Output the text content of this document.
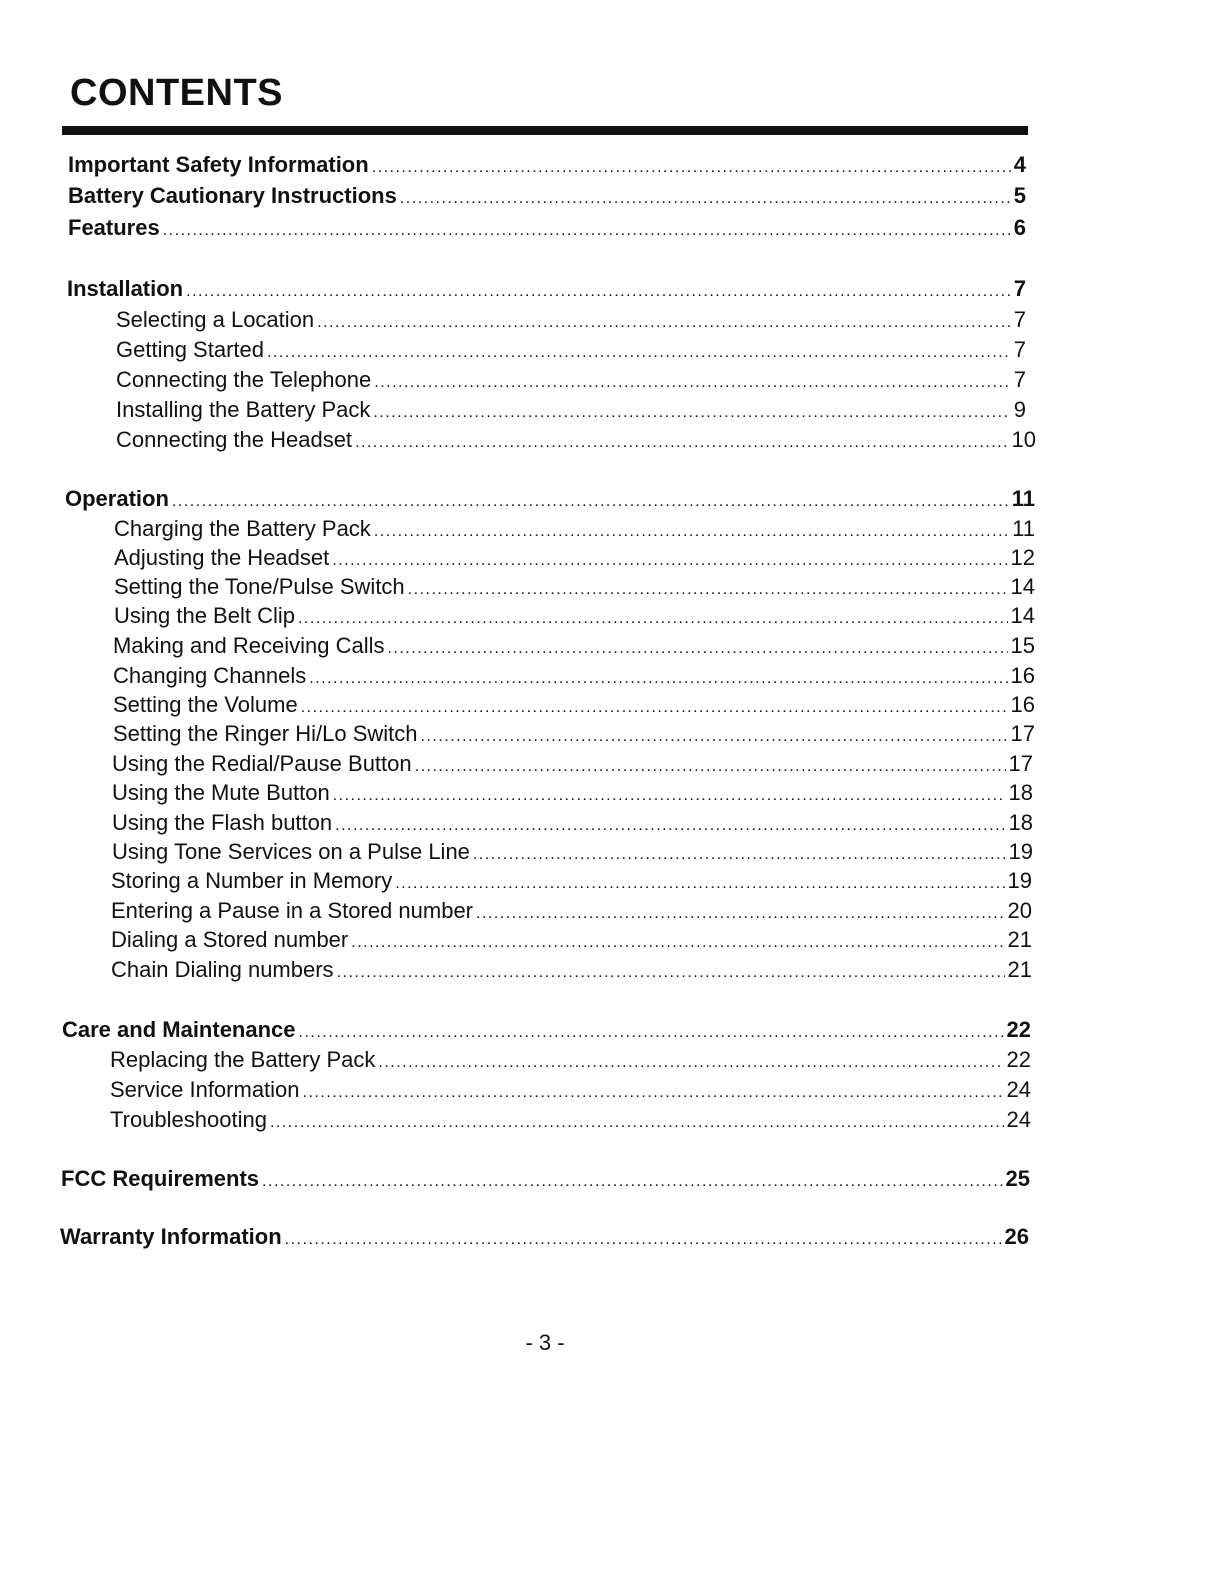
CONTENTS
Important Safety Information .....	4
Battery Cautionary Instructions .....	5
Features .....	6
Installation .....	7
Selecting a Location .....	7
Getting Started .....	7
Connecting the Telephone .....	7
Installing the Battery Pack .....	9
Connecting the Headset .....	10
Operation .....	11
Charging the Battery Pack .....	11
Adjusting the Headset .....	12
Setting the Tone/Pulse Switch .....	14
Using the Belt Clip .....	14
Making and Receiving Calls .....	15
Changing Channels .....	16
Setting the Volume .....	16
Setting the Ringer Hi/Lo Switch .....	17
Using the Redial/Pause Button .....	17
Using the Mute Button .....	18
Using the Flash button .....	18
Using Tone Services on a Pulse Line .....	19
Storing a Number in Memory .....	19
Entering a Pause in a Stored number .....	20
Dialing a Stored number .....	21
Chain Dialing numbers .....	21
Care and Maintenance .....	22
Replacing the Battery Pack .....	22
Service Information .....	24
Troubleshooting .....	24
FCC Requirements .....	25
Warranty Information .....	26
- 3 -
